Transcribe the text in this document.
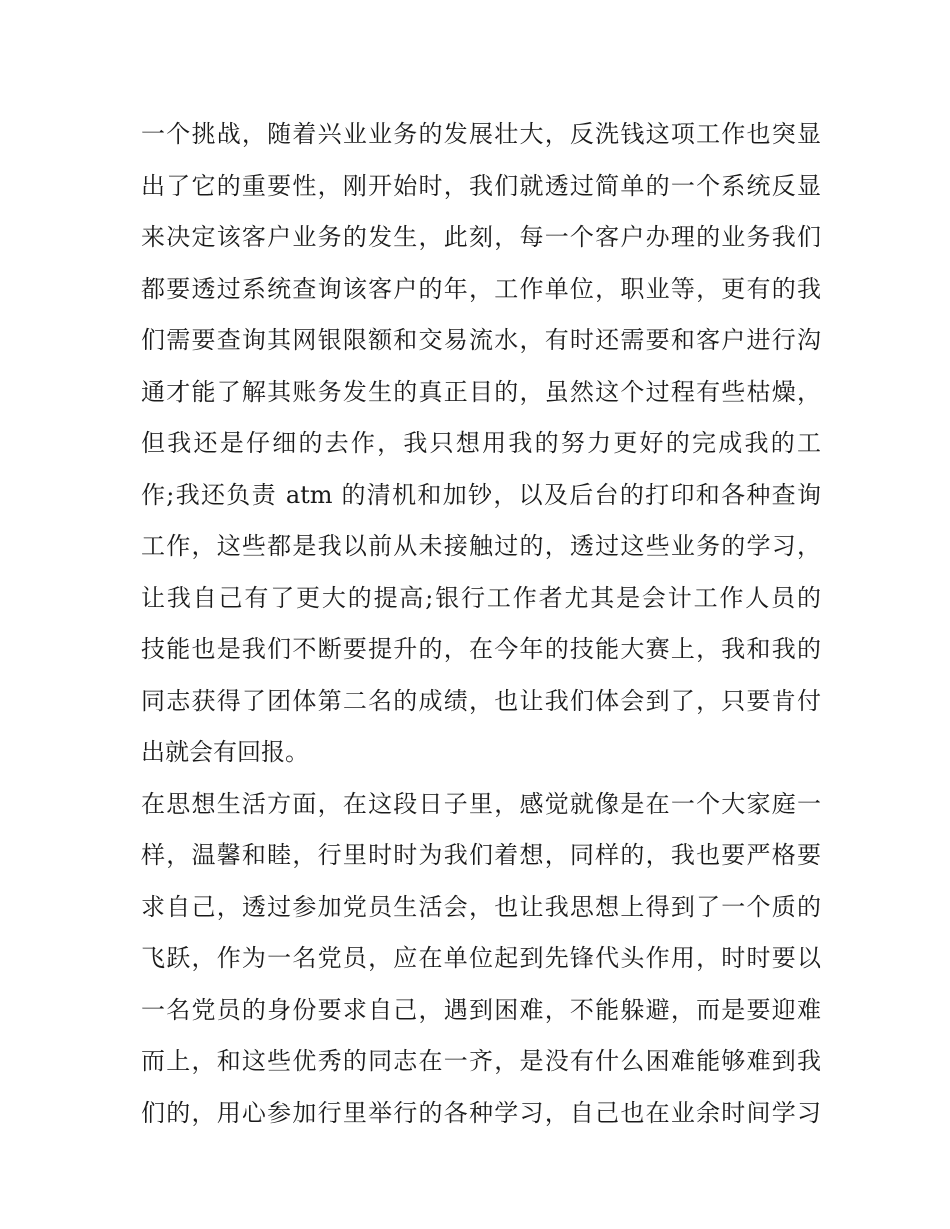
一个挑战，随着兴业业务的发展壮大，反洗钱这项工作也突显
出了它的重要性，刚开始时，我们就透过简单的一个系统反显
来决定该客户业务的发生，此刻，每一个客户办理的业务我们
都要透过系统查询该客户的年，工作单位，职业等，更有的我
们需要查询其网银限额和交易流水，有时还需要和客户进行沟
通才能了解其账务发生的真正目的，虽然这个过程有些枯燥，
但我还是仔细的去作，我只想用我的努力更好的完成我的工
作;我还负责 atm 的清机和加钞，以及后台的打印和各种查询
工作，这些都是我以前从未接触过的，透过这些业务的学习，
让我自己有了更大的提高;银行工作者尤其是会计工作人员的
技能也是我们不断要提升的，在今年的技能大赛上，我和我的
同志获得了团体第二名的成绩，也让我们体会到了，只要肯付
出就会有回报。
在思想生活方面，在这段日子里，感觉就像是在一个大家庭一
样，温馨和睦，行里时时为我们着想，同样的，我也要严格要
求自己，透过参加党员生活会，也让我思想上得到了一个质的
飞跃，作为一名党员，应在单位起到先锋代头作用，时时要以
一名党员的身份要求自己，遇到困难，不能躲避，而是要迎难
而上，和这些优秀的同志在一齐，是没有什么困难能够难到我
们的，用心参加行里举行的各种学习，自己也在业余时间学习
